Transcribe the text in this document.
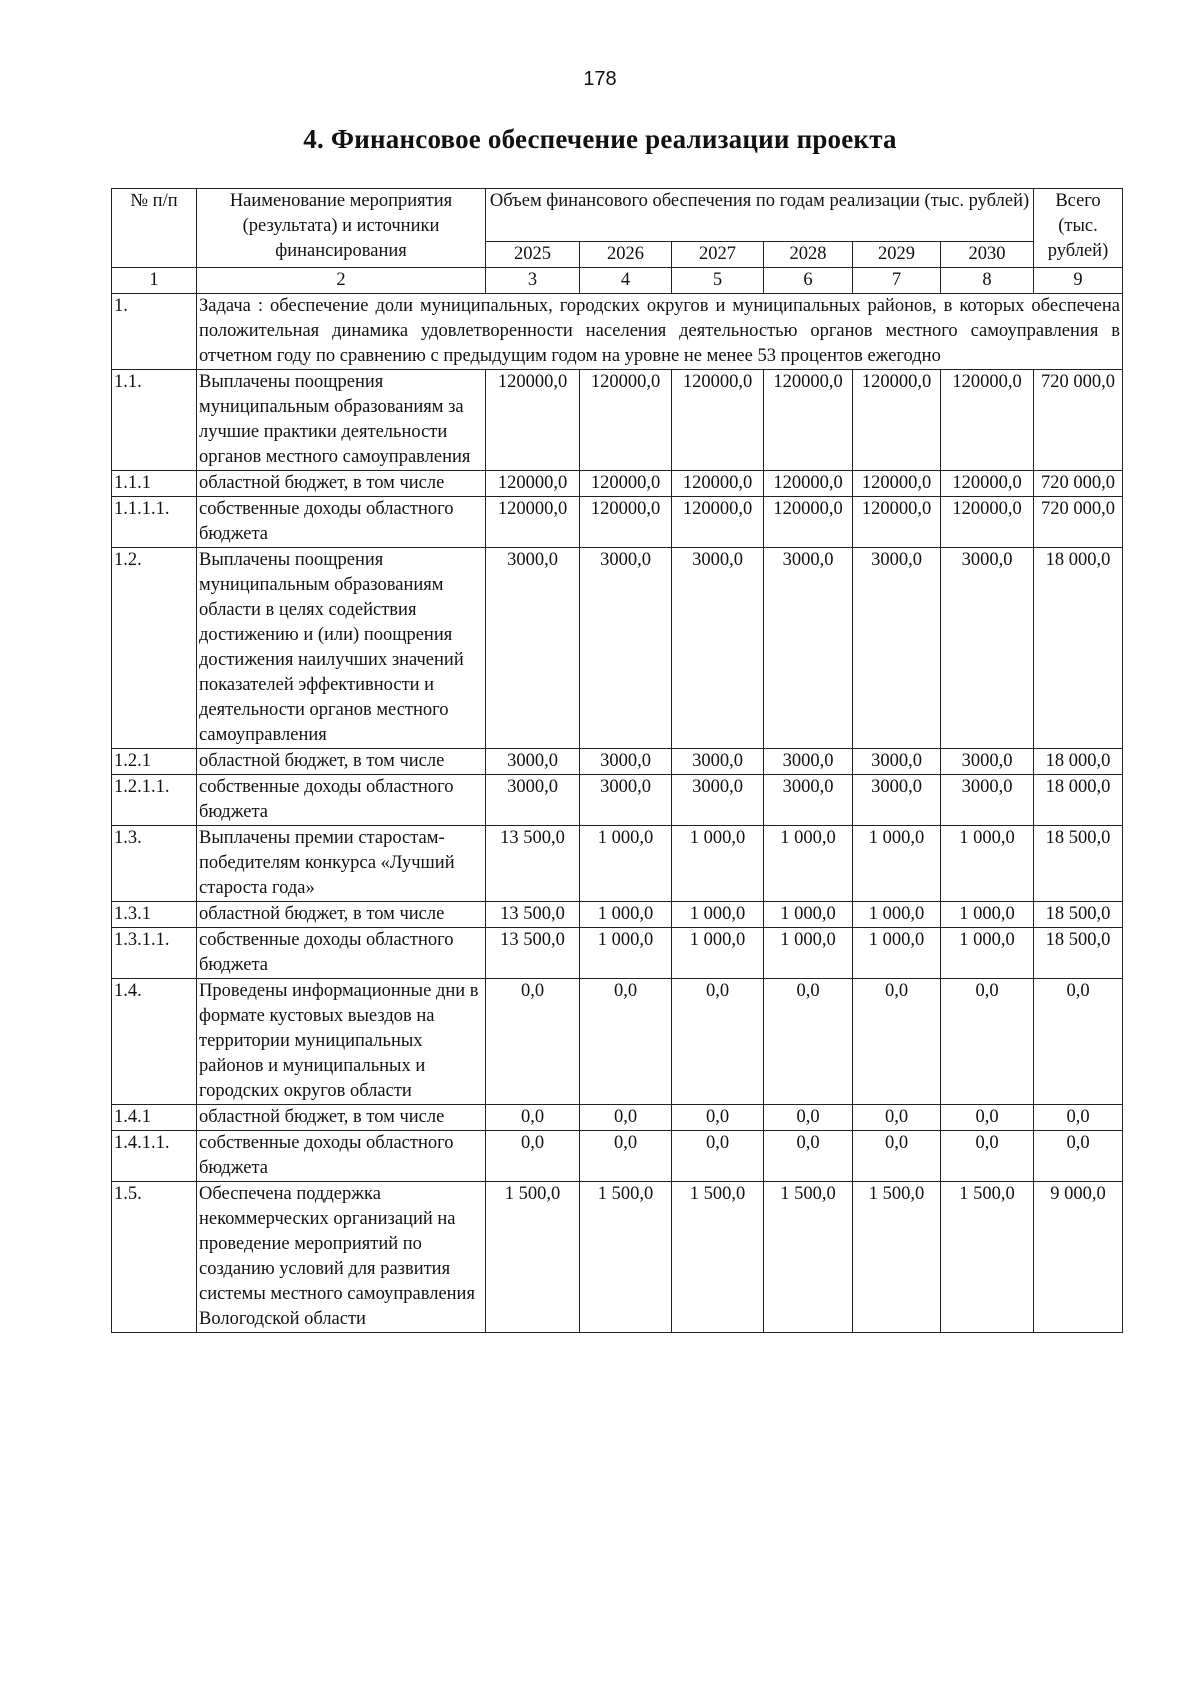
178
4. Финансовое обеспечение реализации проекта
№ п/п	Наименование мероприятия (результата) и источники финансирования	Объем финансового обеспечения по годам реализации (тыс. рублей)						Всего (тыс. рублей)
		2025	2026	2027	2028	2029	2030	
1	2	3	4	5	6	7	8	9
1.	Задача : обеспечение доли муниципальных, городских округов и муниципальных районов, в которых обеспечена положительная динамика удовлетворенности населения деятельностью органов местного самоуправления в отчетном году по сравнению с предыдущим годом на уровне не менее 53 процентов ежегодно							
1.1.	Выплачены поощрения муниципальным образованиям за лучшие практики деятельности органов местного самоуправления	120000,0	120000,0	120000,0	120000,0	120000,0	120000,0	720 000,0
1.1.1	областной бюджет, в том числе	120000,0	120000,0	120000,0	120000,0	120000,0	120000,0	720 000,0
1.1.1.1.	собственные доходы областного бюджета	120000,0	120000,0	120000,0	120000,0	120000,0	120000,0	720 000,0
1.2.	Выплачены поощрения муниципальным образованиям области в целях содействия достижению и (или) поощрения достижения наилучших значений показателей эффективности и деятельности органов местного самоуправления	3000,0	3000,0	3000,0	3000,0	3000,0	3000,0	18 000,0
1.2.1	областной бюджет, в том числе	3000,0	3000,0	3000,0	3000,0	3000,0	3000,0	18 000,0
1.2.1.1.	собственные доходы областного бюджета	3000,0	3000,0	3000,0	3000,0	3000,0	3000,0	18 000,0
1.3.	Выплачены премии старостам-победителям конкурса «Лучший староста года»	13 500,0	1 000,0	1 000,0	1 000,0	1 000,0	1 000,0	18 500,0
1.3.1	областной бюджет, в том числе	13 500,0	1 000,0	1 000,0	1 000,0	1 000,0	1 000,0	18 500,0
1.3.1.1.	собственные доходы областного бюджета	13 500,0	1 000,0	1 000,0	1 000,0	1 000,0	1 000,0	18 500,0
1.4.	Проведены информационные дни в формате кустовых выездов на территории муниципальных районов и муниципальных и городских округов области	0,0	0,0	0,0	0,0	0,0	0,0	0,0
1.4.1	областной бюджет, в том числе	0,0	0,0	0,0	0,0	0,0	0,0	0,0
1.4.1.1.	собственные доходы областного бюджета	0,0	0,0	0,0	0,0	0,0	0,0	0,0
1.5.	Обеспечена поддержка некоммерческих организаций на проведение мероприятий по созданию условий для развития системы местного самоуправления Вологодской области	1 500,0	1 500,0	1 500,0	1 500,0	1 500,0	1 500,0	9 000,0
